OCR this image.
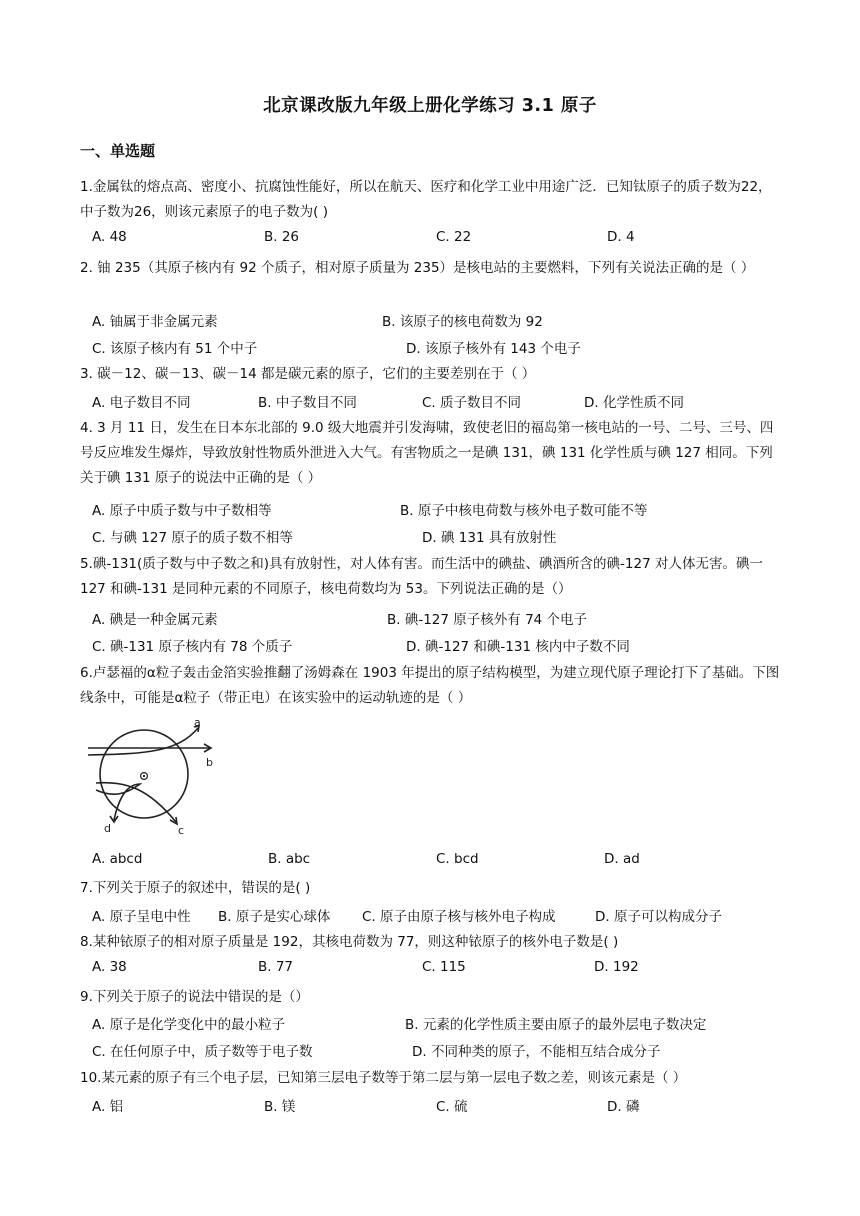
北京课改版九年级上册化学练习 3.1 原子
一、单选题
1.金属钛的熔点高、密度小、抗腐蚀性能好，所以在航天、医疗和化学工业中用途广泛．已知钛原子的质子数为22，中子数为26，则该元素原子的电子数为( )
A. 48	B. 26	C. 22	D. 4
2. 铀 235（其原子核内有 92 个质子，相对原子质量为 235）是核电站的主要燃料，下列有关说法正确的是（ ）
A. 铀属于非金属元素	B. 该原子的核电荷数为 92
C. 该原子核内有 51 个中子	D. 该原子核外有 143 个电子
3. 碳－12、碳－13、碳－14 都是碳元素的原子，它们的主要差别在于（ ）
A. 电子数目不同	B. 中子数目不同	C. 质子数目不同	D. 化学性质不同
4. 3 月 11 日，发生在日本东北部的 9.0 级大地震并引发海啸，致使老旧的福岛第一核电站的一号、二号、三号、四号反应堆发生爆炸，导致放射性物质外泄进入大气。有害物质之一是碘 131，碘 131 化学性质与碘 127 相同。下列关于碘 131 原子的说法中正确的是（ ）
A. 原子中质子数与中子数相等	B. 原子中核电荷数与核外电子数可能不等
C. 与碘 127 原子的质子数不相等	D. 碘 131 具有放射性
5.碘-131(质子数与中子数之和)具有放射性，对人体有害。而生活中的碘盐、碘酒所含的碘-127 对人体无害。碘一 127 和碘-131 是同种元素的不同原子，核电荷数均为 53。下列说法正确的是（）
A. 碘是一种金属元素	B. 碘-127 原子核外有 74 个电子
C. 碘-131 原子核内有 78 个质子	D. 碘-127 和碘-131 核内中子数不同
6.卢瑟福的α粒子轰击金箔实验推翻了汤姆森在 1903 年提出的原子结构模型，为建立现代原子理论打下了基础。下图线条中，可能是α粒子（带正电）在该实验中的运动轨迹的是（ ）
a
b
c
d
A. abcd	B. abc	C. bcd	D. ad
7.下列关于原子的叙述中，错误的是( )
A. 原子呈电中性 B. 原子是实心球体 C. 原子由原子核与核外电子构成	D. 原子可以构成分子
8.某种铱原子的相对原子质量是 192，其核电荷数为 77，则这种铱原子的核外电子数是( )
A. 38	B. 77	C. 115	D. 192
9.下列关于原子的说法中错误的是（）
A. 原子是化学变化中的最小粒子	B. 元素的化学性质主要由原子的最外层电子数决定
C. 在任何原子中，质子数等于电子数	D. 不同种类的原子，不能相互结合成分子
10.某元素的原子有三个电子层，已知第三层电子数等于第二层与第一层电子数之差，则该元素是（ ）
A. 铝	B. 镁	C. 硫	D. 磷
